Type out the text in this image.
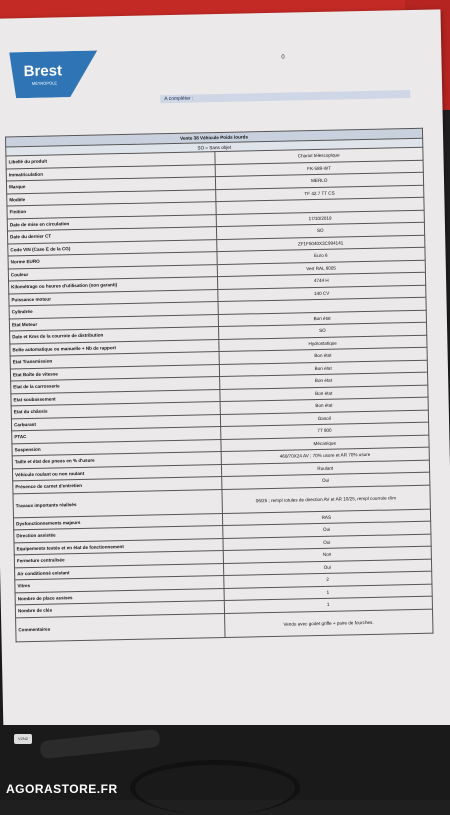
Brest
MÉTROPOLE
0
A compléter :
Vente 38 Véhicule Poids lourds	
SO = Sans objet	
Libellé du produit	Chariot télescopique
Immatriculation	FK-589-WT
Marque	MERLO
Modèle	TF 42.7 TT CS
Finition	
Date de mise en circulation	17/10/2019
Date du dernier CT	SO
Code VIN (Case E de la CG)	ZF1F5040X3C994141
Norme EURO	Euro 6
Couleur	Vert RAL 6005
Kilométrage ou heures d'utilisation (non garanti)	4744 H
Puissance moteur	140 CV
Cylindrée	
Etat Moteur	Bon état
Date et Kms de la courroie de distribution	SO
Boîte automatique ou manuelle + Nb de rapport	Hydrostatique
Etat Transmission	Bon état
Etat Boîte de vitesse	Bon état
Etat de la carrosserie	Bon état
Etat soubassement	Bon état
Etat du châssis	Bon état
Carburant	Gasoil
PTAC	7T 800
Suspension	Mécanique
Taille et état des pneus en % d'usure	460/70X24 AV ; 70% usure et AR 70% usure
Véhicule roulant ou non roulant	Roulant
Présence de carnet d'entretien	Oui
Travaux importants réalisés	06/25 ; rempl rotules de direction AV et AR 10/25, rempl courroie clim
Dysfonctionnements majeurs	RAS
Direction assistée	Oui
Equipements testés et en état de fonctionnement	Oui
Fermeture centralisée	Non
Air conditionné existant	Oui
Vitres	2
Nombre de place assises	1
Nombre de clés	1
Commentaires	Vendu avec godet griffe + paire de fourches.
V2N2
AGORASTORE.FR
